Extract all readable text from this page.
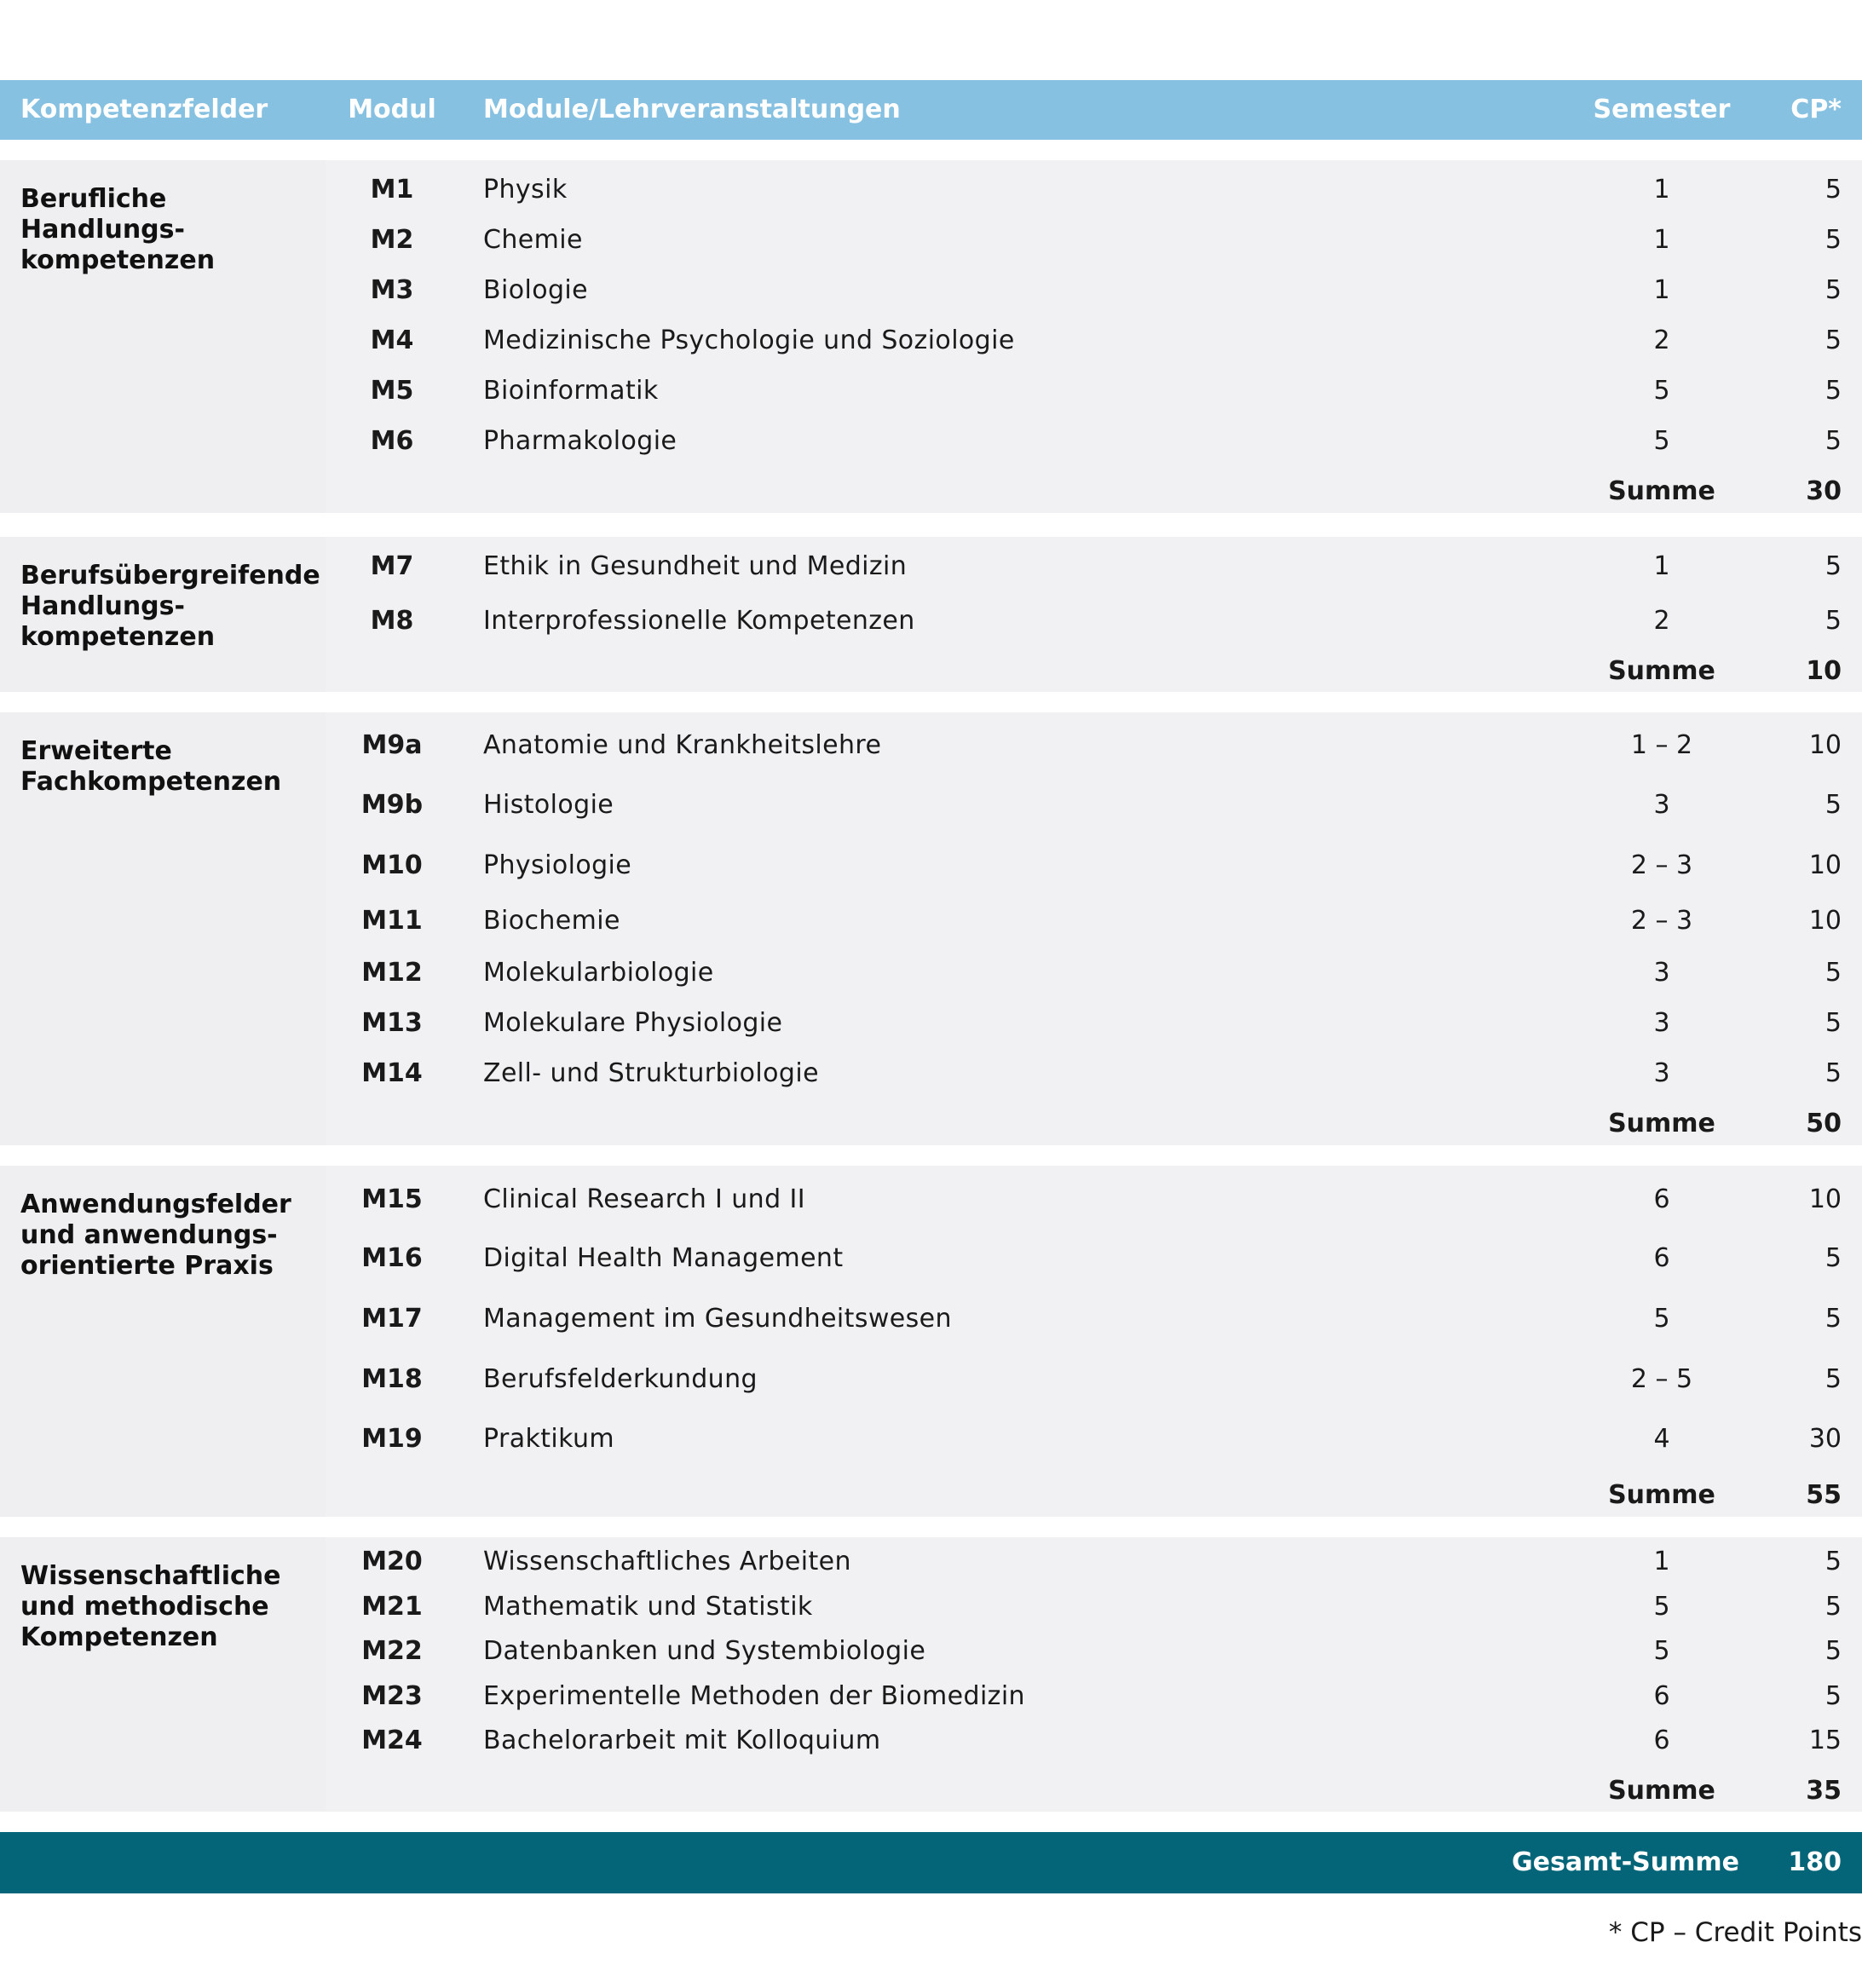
Kompetenzfelder	Modul	Module/Lehrveranstaltungen	Semester	CP*
Berufliche
Handlungs-
kompetenzen
M1	Physik	1	5
M2	Chemie	1	5
M3	Biologie	1	5
M4	Medizinische Psychologie und Soziologie	2	5
M5	Bioinformatik	5	5
M6	Pharmakologie	5	5
Summe	30
Berufsübergreifende
Handlungs-
kompetenzen
M7	Ethik in Gesundheit und Medizin	1	5
M8	Interprofessionelle Kompetenzen	2	5
Summe	10
Erweiterte
Fachkompetenzen
M9a	Anatomie und Krankheitslehre	1 – 2	10
M9b	Histologie	3	5
M10	Physiologie	2 – 3	10
M11	Biochemie	2 – 3	10
M12	Molekularbiologie	3	5
M13	Molekulare Physiologie	3	5
M14	Zell- und Strukturbiologie	3	5
Summe	50
Anwendungsfelder
und anwendungs-
orientierte Praxis
M15	Clinical Research I und II	6	10
M16	Digital Health Management	6	5
M17	Management im Gesundheitswesen	5	5
M18	Berufsfelderkundung	2 – 5	5
M19	Praktikum	4	30
Summe	55
Wissenschaftliche
und methodische
Kompetenzen
M20	Wissenschaftliches Arbeiten	1	5
M21	Mathematik und Statistik	5	5
M22	Datenbanken und Systembiologie	5	5
M23	Experimentelle Methoden der Biomedizin	6	5
M24	Bachelorarbeit mit Kolloquium	6	15
Summe	35
Gesamt-Summe 180
* CP – Credit Points
